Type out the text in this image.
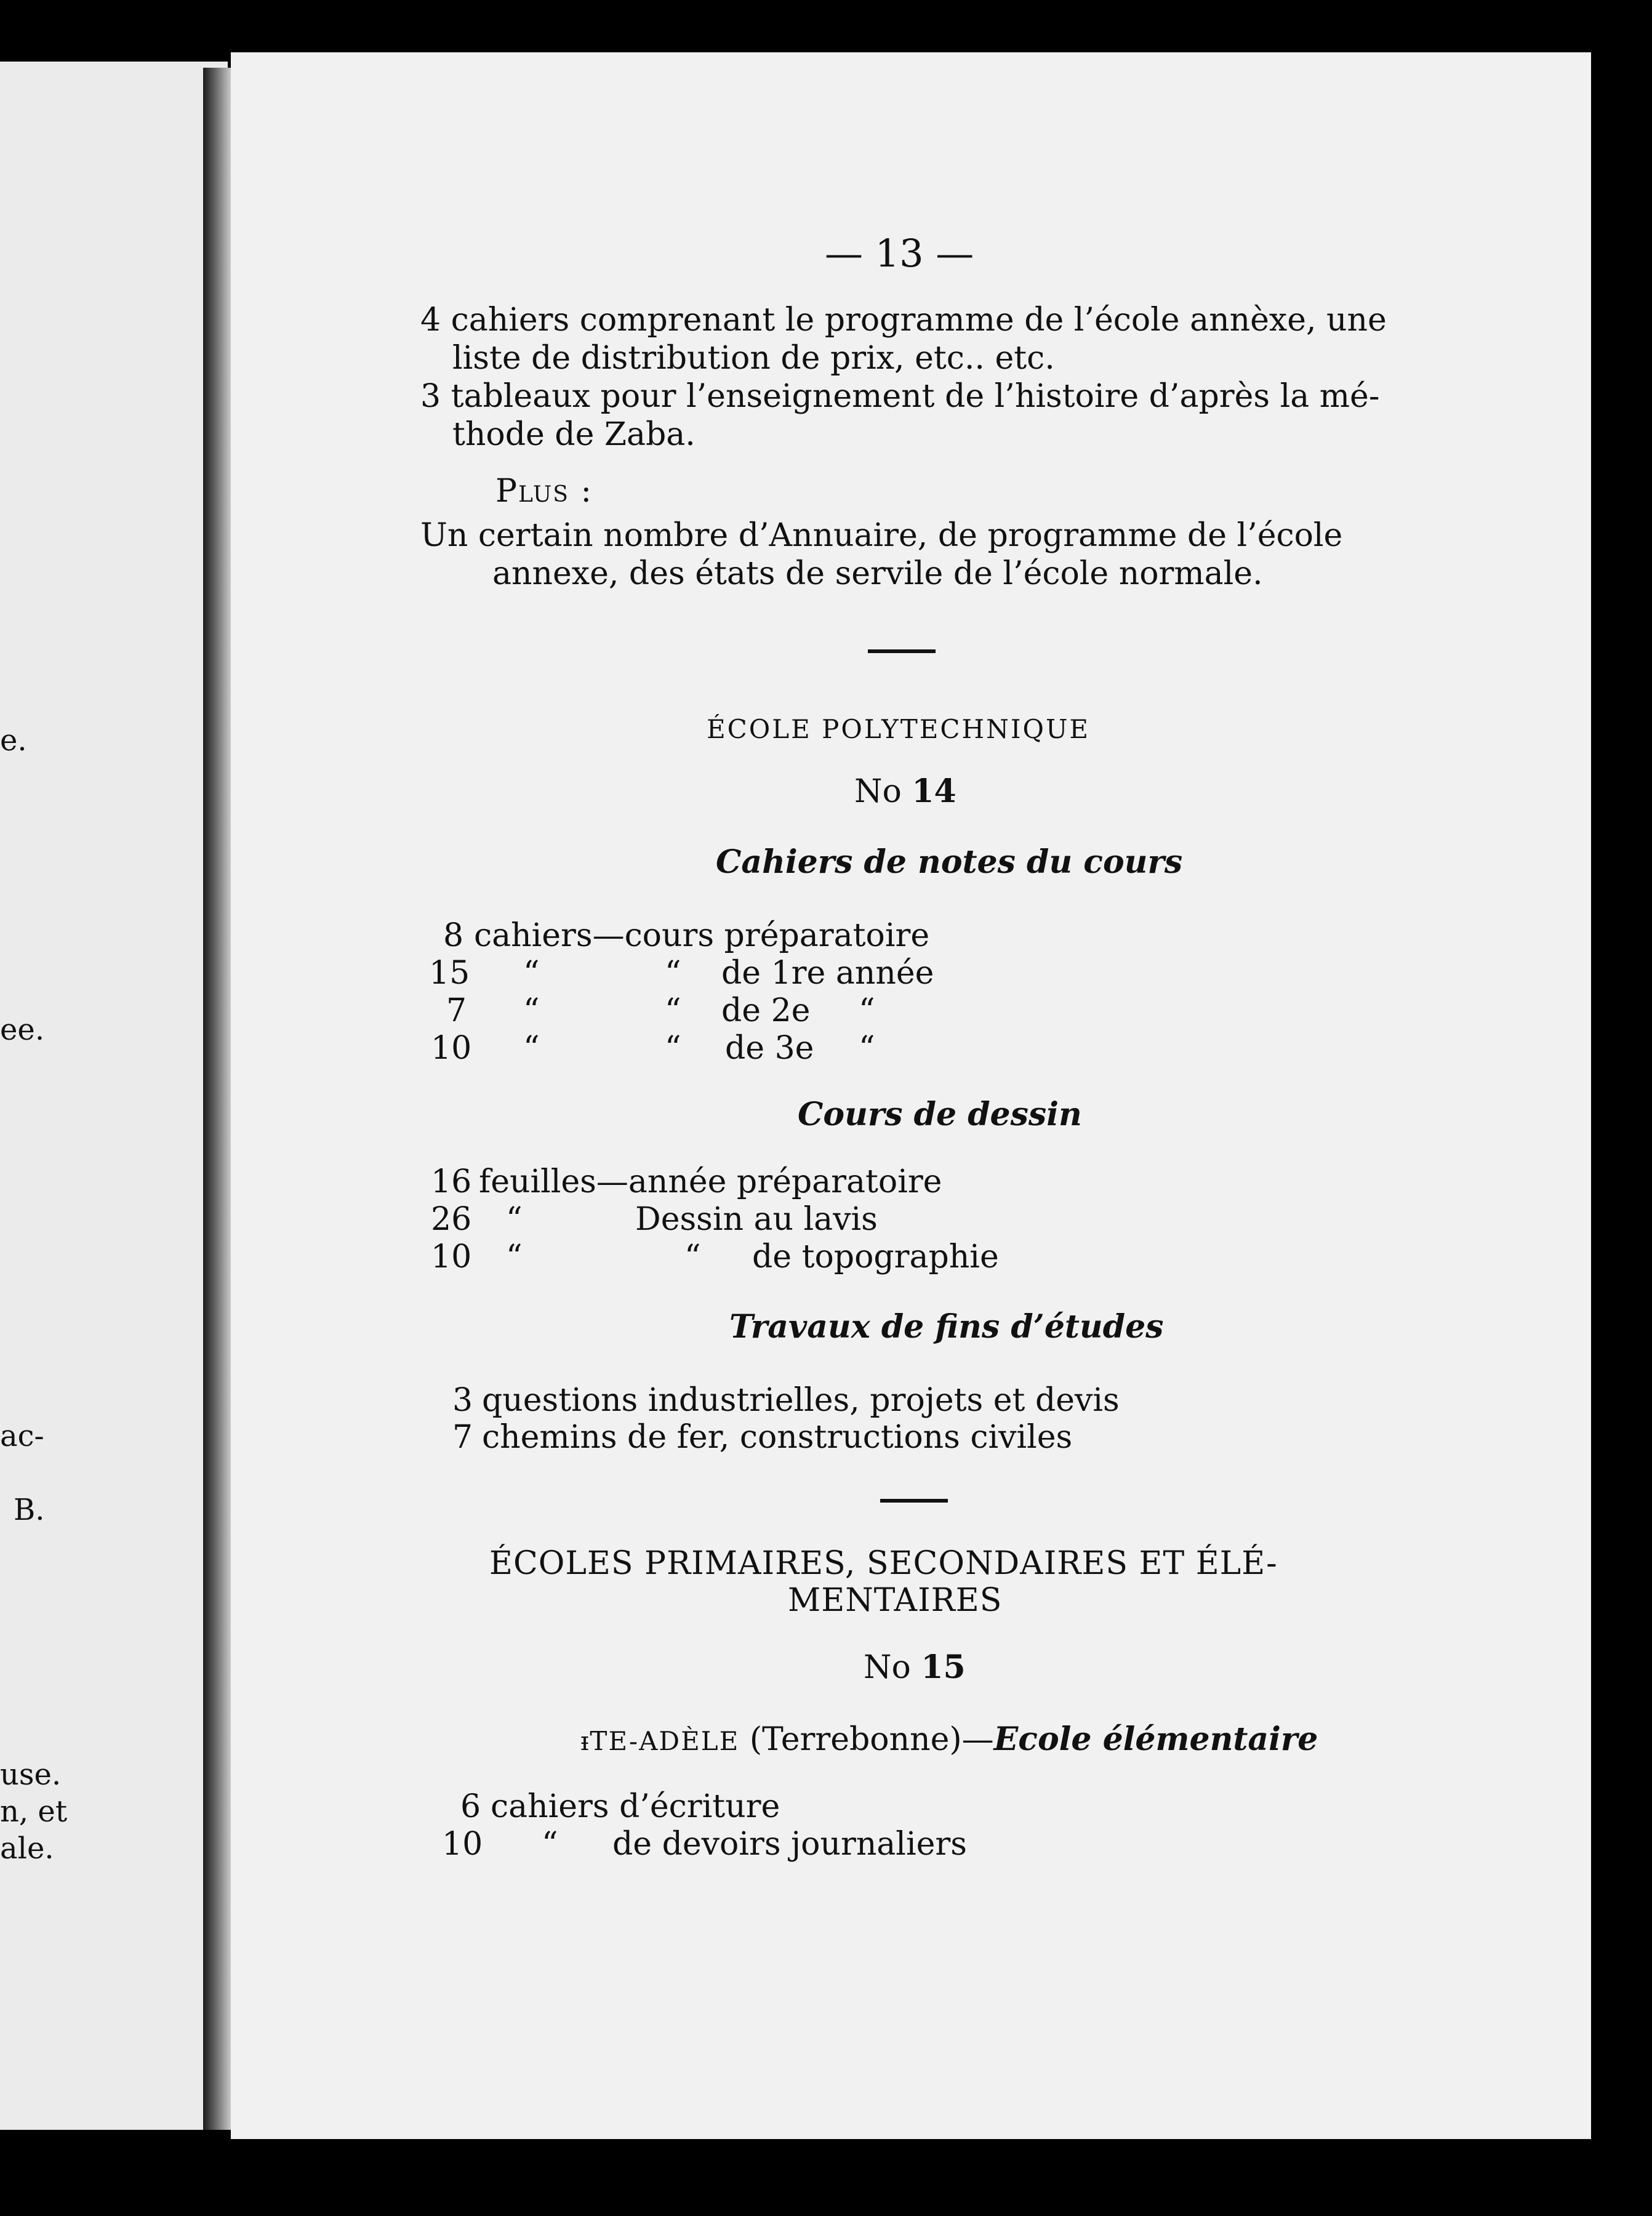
e.
ee.
ac-
B.
use.
n, et
ale.
— 13 —
4 cahiers comprenant le programme de l’école annèxe, une
liste de distribution de prix, etc.. etc.
3 tableaux pour l’enseignement de l’histoire d’après la mé-
thode de Zaba.
Plus :
Un certain nombre d’Annuaire, de programme de l’école
annexe, des états de servile de l’école normale.
ÉCOLE POLYTECHNIQUE
No 14
Cahiers de notes du cours
8 cahiers—cours préparatoire
15 “	“ de 1re année
7 “	“ de 2e “
10 “	“ de 3e “
Cours de dessin
16 feuilles—année préparatoire
26 “	Dessin au lavis
10 “	“ de topographie
Travaux de fins d’études
3 questions industrielles, projets et devis
7 chemins de fer, constructions civiles
ÉCOLES PRIMAIRES, SECONDAIRES ET ÉLÉ-
MENTAIRES
No 15
ᵻTE-ADÈLE (Terrebonne)—Ecole élémentaire
6 cahiers d’écriture
10 “ de devoirs journaliers
